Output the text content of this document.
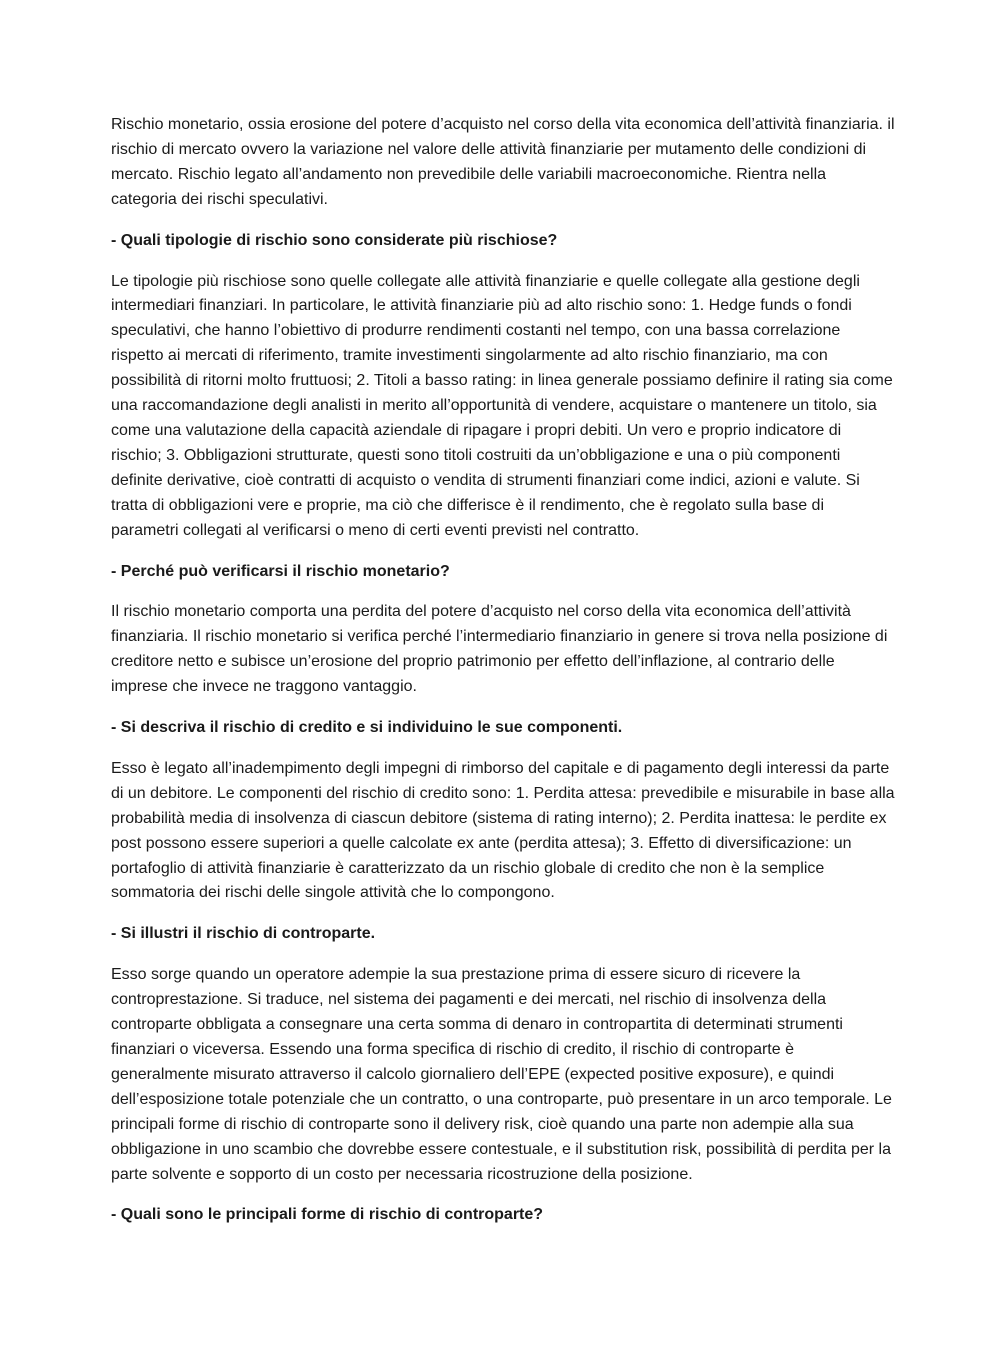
Rischio monetario, ossia erosione del potere d’acquisto nel corso della vita economica dell’attività finanziaria. il rischio di mercato ovvero la variazione nel valore delle attività finanziarie per mutamento delle condizioni di mercato. Rischio legato all’andamento non prevedibile delle variabili macroeconomiche. Rientra nella categoria dei rischi speculativi.

- Quali tipologie di rischio sono considerate più rischiose?

Le tipologie più rischiose sono quelle collegate alle attività finanziarie e quelle collegate alla gestione degli intermediari finanziari. In particolare, le attività finanziarie più ad alto rischio sono: 1. Hedge funds o fondi speculativi, che hanno l’obiettivo di produrre rendimenti costanti nel tempo, con una bassa correlazione rispetto ai mercati di riferimento, tramite investimenti singolarmente ad alto rischio finanziario, ma con possibilità di ritorni molto fruttuosi; 2. Titoli a basso rating: in linea generale possiamo definire il rating sia come una raccomandazione degli analisti in merito all’opportunità di vendere, acquistare o mantenere un titolo, sia come una valutazione della capacità aziendale di ripagare i propri debiti. Un vero e proprio indicatore di rischio; 3. Obbligazioni strutturate, questi sono titoli costruiti da un’obbligazione e una o più componenti definite derivative, cioè contratti di acquisto o vendita di strumenti finanziari come indici, azioni e valute. Si tratta di obbligazioni vere e proprie, ma ciò che differisce è il rendimento, che è regolato sulla base di parametri collegati al verificarsi o meno di certi eventi previsti nel contratto.

- Perché può verificarsi il rischio monetario?

Il rischio monetario comporta una perdita del potere d’acquisto nel corso della vita economica dell’attività finanziaria. Il rischio monetario si verifica perché l’intermediario finanziario in genere si trova nella posizione di creditore netto e subisce un’erosione del proprio patrimonio per effetto dell’inflazione, al contrario delle imprese che invece ne traggono vantaggio.

- Si descriva il rischio di credito e si individuino le sue componenti.

Esso è legato all’inadempimento degli impegni di rimborso del capitale e di pagamento degli interessi da parte di un debitore. Le componenti del rischio di credito sono: 1. Perdita attesa: prevedibile e misurabile in base alla probabilità media di insolvenza di ciascun debitore (sistema di rating interno); 2. Perdita inattesa: le perdite ex post possono essere superiori a quelle calcolate ex ante (perdita attesa); 3. Effetto di diversificazione: un portafoglio di attività finanziarie è caratterizzato da un rischio globale di credito che non è la semplice sommatoria dei rischi delle singole attività che lo compongono.

- Si illustri il rischio di controparte.

Esso sorge quando un operatore adempie la sua prestazione prima di essere sicuro di ricevere la controprestazione. Si traduce, nel sistema dei pagamenti e dei mercati, nel rischio di insolvenza della controparte obbligata a consegnare una certa somma di denaro in contropartita di determinati strumenti finanziari o viceversa. Essendo una forma specifica di rischio di credito, il rischio di controparte è generalmente misurato attraverso il calcolo giornaliero dell’EPE (expected positive exposure), e quindi dell’esposizione totale potenziale che un contratto, o una controparte, può presentare in un arco temporale. Le principali forme di rischio di controparte sono il delivery risk, cioè quando una parte non adempie alla sua obbligazione in uno scambio che dovrebbe essere contestuale, e il substitution risk, possibilità di perdita per la parte solvente e sopporto di un costo per necessaria ricostruzione della posizione.

- Quali sono le principali forme di rischio di controparte?
